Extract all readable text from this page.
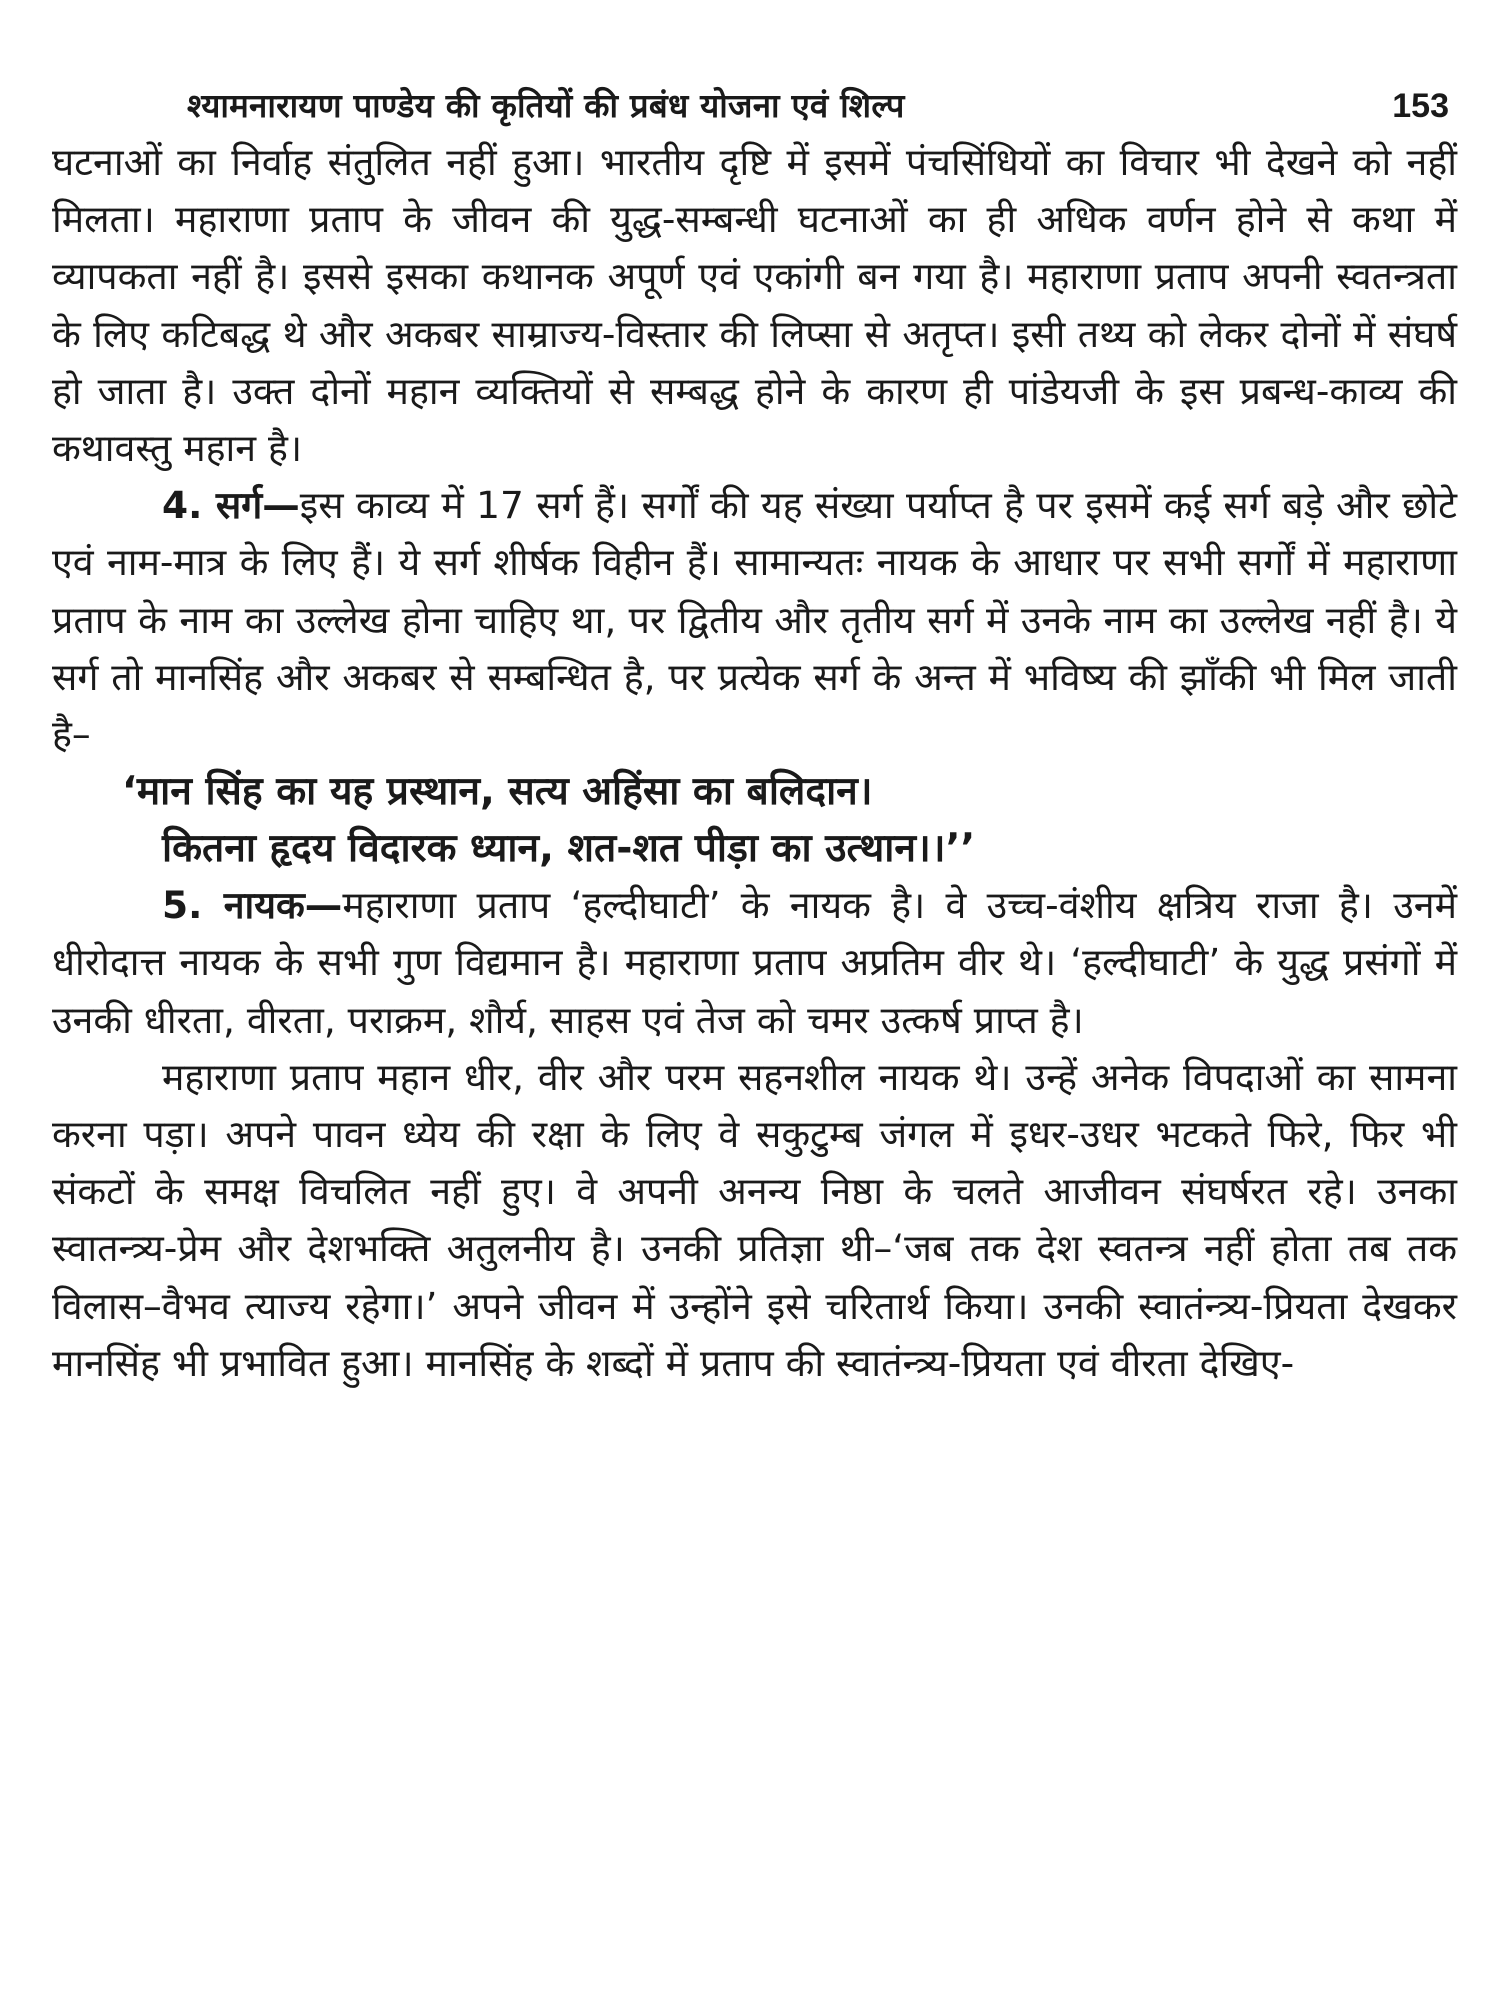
श्यामनारायण पाण्डेय की कृतियों की प्रबंध योजना एवं शिल्प	153

घटनाओं का निर्वाह संतुलित नहीं हुआ। भारतीय दृष्टि में इसमें पंचसिंधियों का विचार भी देखने को नहीं मिलता। महाराणा प्रताप के जीवन की युद्ध-सम्बन्धी घटनाओं का ही अधिक वर्णन होने से कथा में व्यापकता नहीं है। इससे इसका कथानक अपूर्ण एवं एकांगी बन गया है। महाराणा प्रताप अपनी स्वतन्त्रता के लिए कटिबद्ध थे और अकबर साम्राज्य-विस्तार की लिप्सा से अतृप्त। इसी तथ्य को लेकर दोनों में संघर्ष हो जाता है। उक्त दोनों महान व्यक्तियों से सम्बद्ध होने के कारण ही पांडेयजी के इस प्रबन्ध-काव्य की कथावस्तु महान है।

4. सर्ग—इस काव्य में 17 सर्ग हैं। सर्गों की यह संख्या पर्याप्त है पर इसमें कई सर्ग बड़े और छोटे एवं नाम-मात्र के लिए हैं। ये सर्ग शीर्षक विहीन हैं। सामान्यतः नायक के आधार पर सभी सर्गों में महाराणा प्रताप के नाम का उल्लेख होना चाहिए था, पर द्वितीय और तृतीय सर्ग में उनके नाम का उल्लेख नहीं है। ये सर्ग तो मानसिंह और अकबर से सम्बन्धित है, पर प्रत्येक सर्ग के अन्त में भविष्य की झाँकी भी मिल जाती है–

‘मान सिंह का यह प्रस्थान, सत्य अहिंसा का बलिदान।

कितना हृदय विदारक ध्यान, शत-शत पीड़ा का उत्थान।।’’

5. नायक—महाराणा प्रताप ‘हल्दीघाटी’ के नायक है। वे उच्च-वंशीय क्षत्रिय राजा है। उनमें धीरोदात्त नायक के सभी गुण विद्यमान है। महाराणा प्रताप अप्रतिम वीर थे। ‘हल्दीघाटी’ के युद्ध प्रसंगों में उनकी धीरता, वीरता, पराक्रम, शौर्य, साहस एवं तेज को चमर उत्कर्ष प्राप्त है।

महाराणा प्रताप महान धीर, वीर और परम सहनशील नायक थे। उन्हें अनेक विपदाओं का सामना करना पड़ा। अपने पावन ध्येय की रक्षा के लिए वे सकुटुम्ब जंगल में इधर-उधर भटकते फिरे, फिर भी संकटों के समक्ष विचलित नहीं हुए। वे अपनी अनन्य निष्ठा के चलते आजीवन संघर्षरत रहे। उनका स्वातन्त्र्य-प्रेम और देशभक्ति अतुलनीय है। उनकी प्रतिज्ञा थी–‘जब तक देश स्वतन्त्र नहीं होता तब तक विलास–वैभव त्याज्य रहेगा।’ अपने जीवन में उन्होंने इसे चरितार्थ किया। उनकी स्वातंन्त्र्य-प्रियता देखकर मानसिंह भी प्रभावित हुआ। मानसिंह के शब्दों में प्रताप की स्वातंन्त्र्य-प्रियता एवं वीरता देखिए-
